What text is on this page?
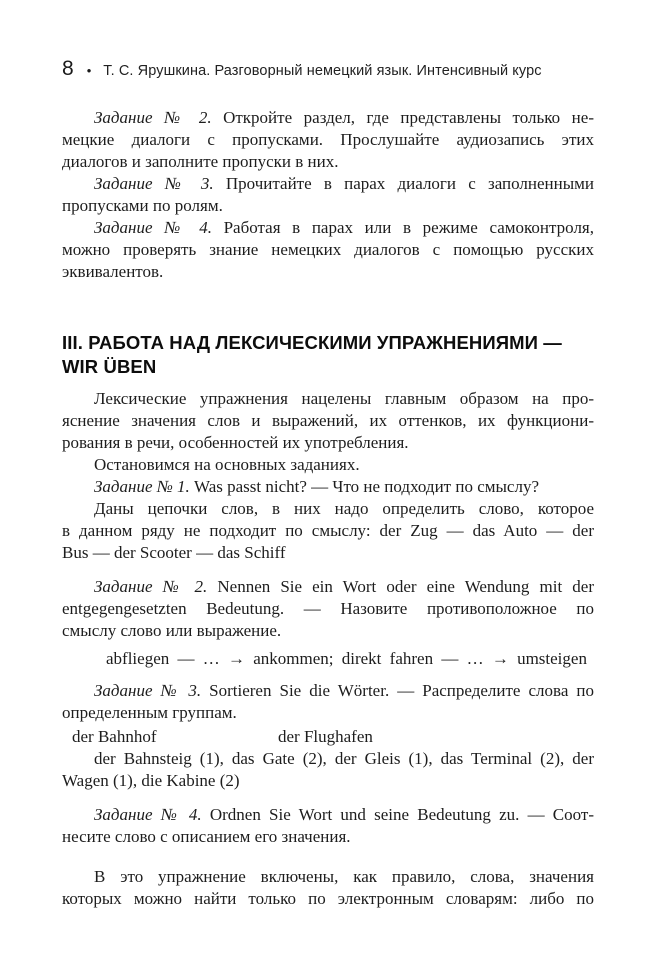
8 • Т. С. Ярушкина. Разговорный немецкий язык. Интенсивный курс
Задание № 2. Откройте раздел, где представлены только не-
мецкие диалоги с пропусками. Прослушайте аудиозапись этих
диалогов и заполните пропуски в них.
Задание № 3. Прочитайте в парах диалоги с заполненными
пропусками по ролям.
Задание № 4. Работая в парах или в режиме самоконтроля,
можно проверять знание немецких диалогов с помощью русских
эквивалентов.
III. РАБОТА НАД ЛЕКСИЧЕСКИМИ УПРАЖНЕНИЯМИ —
WIR ÜBEN
Лексические упражнения нацелены главным образом на про-
яснение значения слов и выражений, их оттенков, их функциони-
рования в речи, особенностей их употребления.
Остановимся на основных заданиях.
Задание № 1. Was passt nicht? — Что не подходит по смыслу?
Даны цепочки слов, в них надо определить слово, которое
в данном ряду не подходит по смыслу: der Zug — das Auto — der
Bus — der Scooter — das Schiff
Задание № 2. Nennen Sie ein Wort oder eine Wendung mit der
entgegengesetzten Bedeutung. — Назовите противоположное по
смыслу слово или выражение.
abfliegen — … → ankommen; direkt fahren — … → umsteigen
Задание № 3. Sortieren Sie die Wörter. — Распределите слова по
определенным группам.
der Bahnhof	der Flughafen
der Bahnsteig (1), das Gate (2), der Gleis (1), das Terminal (2), der
Wagen (1), die Kabine (2)
Задание № 4. Ordnen Sie Wort und seine Bedeutung zu. — Соот-
несите слово с описанием его значения.
В это упражнение включены, как правило, слова, значения
которых можно найти только по электронным словарям: либо по
